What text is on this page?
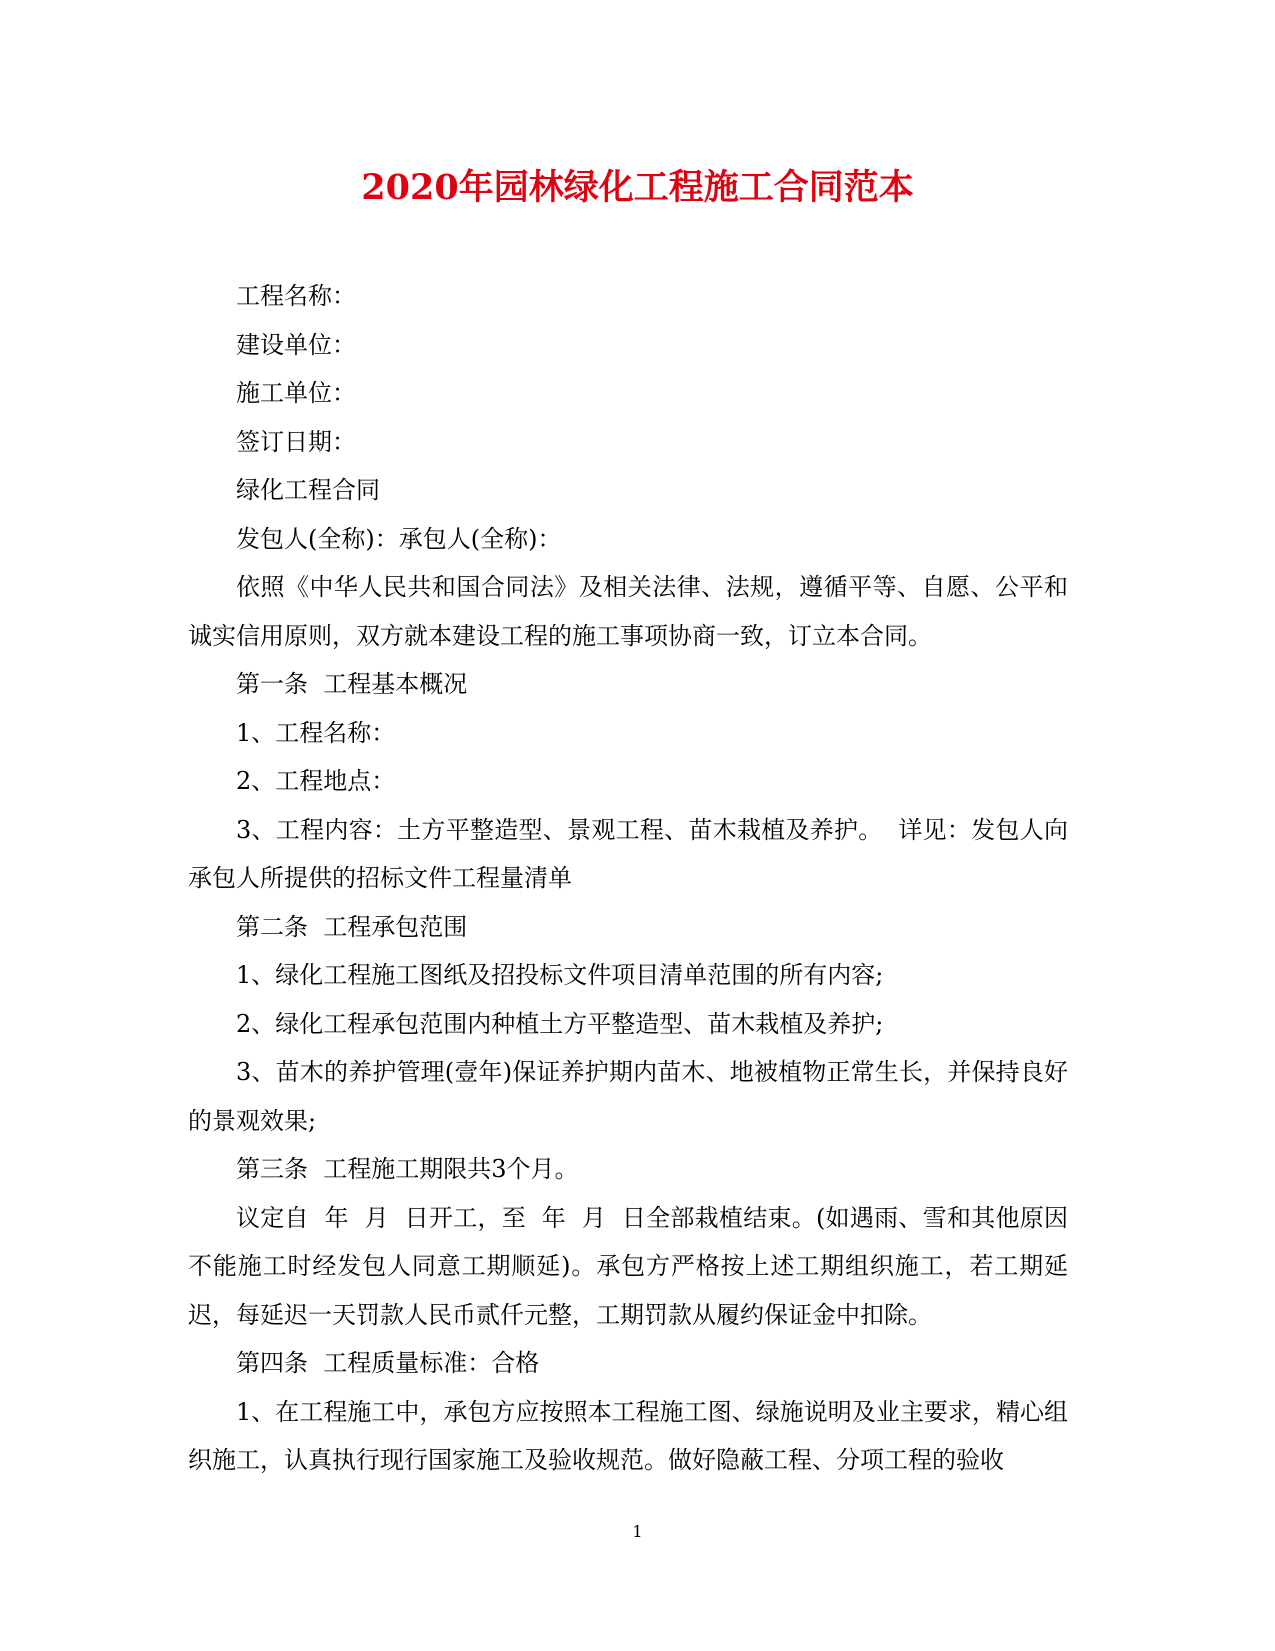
2020年园林绿化工程施工合同范本

工程名称：

建设单位：

施工单位：

签订日期：

绿化工程合同

发包人(全称)：承包人(全称)：

依照《中华人民共和国合同法》及相关法律、法规，遵循平等、自愿、公平和诚实信用原则，双方就本建设工程的施工事项协商一致，订立本合同。

第一条  工程基本概况

1、工程名称：

2、工程地点：

3、工程内容：土方平整造型、景观工程、苗木栽植及养护。  详见：发包人向承包人所提供的招标文件工程量清单

第二条  工程承包范围

1、绿化工程施工图纸及招投标文件项目清单范围的所有内容;

2、绿化工程承包范围内种植土方平整造型、苗木栽植及养护;

3、苗木的养护管理(壹年)保证养护期内苗木、地被植物正常生长，并保持良好的景观效果;

第三条  工程施工期限共3个月。

议定自  年  月  日开工，至  年  月  日全部栽植结束。(如遇雨、雪和其他原因不能施工时经发包人同意工期顺延)。承包方严格按上述工期组织施工，若工期延迟，每延迟一天罚款人民币贰仟元整，工期罚款从履约保证金中扣除。

第四条  工程质量标准：合格

1、在工程施工中，承包方应按照本工程施工图、绿施说明及业主要求，精心组织施工，认真执行现行国家施工及验收规范。做好隐蔽工程、分项工程的验收

1
